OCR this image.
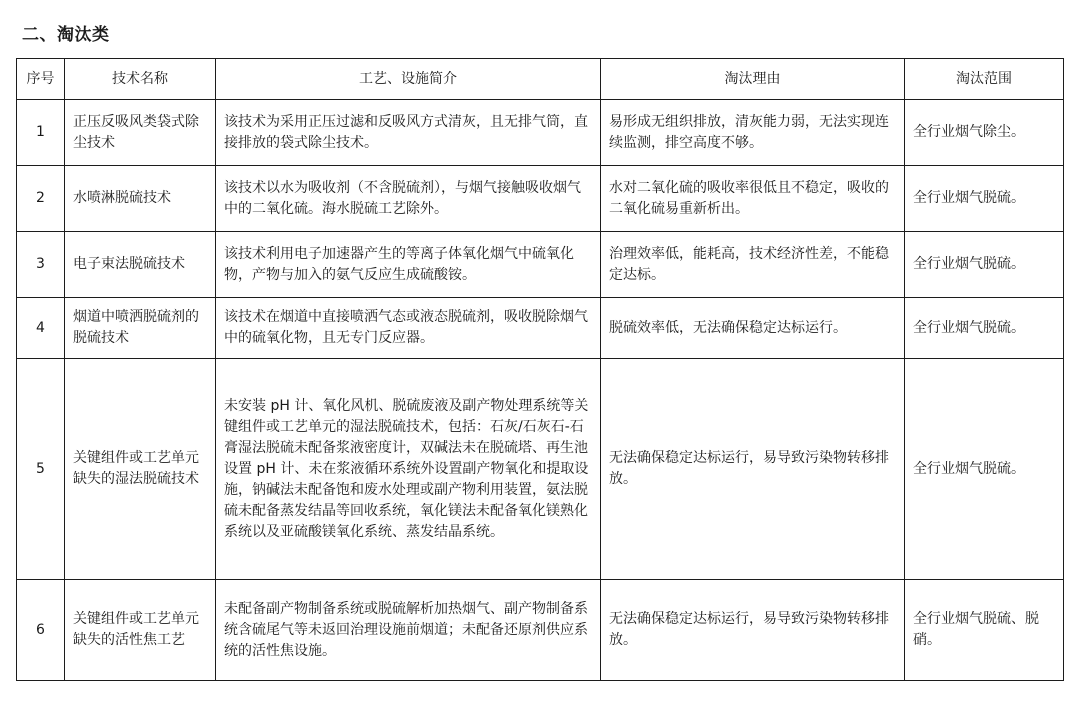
二、淘汰类
序号	技术名称	工艺、设施简介	淘汰理由	淘汰范围
1	正压反吸风类袋式除尘技术	该技术为采用正压过滤和反吸风方式清灰，且无排气筒，直接排放的袋式除尘技术。	易形成无组织排放，清灰能力弱，无法实现连续监测，排空高度不够。	全行业烟气除尘。
2	水喷淋脱硫技术	该技术以水为吸收剂（不含脱硫剂），与烟气接触吸收烟气中的二氧化硫。海水脱硫工艺除外。	水对二氧化硫的吸收率很低且不稳定，吸收的二氧化硫易重新析出。	全行业烟气脱硫。
3	电子束法脱硫技术	该技术利用电子加速器产生的等离子体氧化烟气中硫氧化物，产物与加入的氨气反应生成硫酸铵。	治理效率低，能耗高，技术经济性差，不能稳定达标。	全行业烟气脱硫。
4	烟道中喷洒脱硫剂的脱硫技术	该技术在烟道中直接喷洒气态或液态脱硫剂，吸收脱除烟气中的硫氧化物，且无专门反应器。	脱硫效率低，无法确保稳定达标运行。	全行业烟气脱硫。
5	关键组件或工艺单元缺失的湿法脱硫技术	未安装 pH 计、氧化风机、脱硫废液及副产物处理系统等关键组件或工艺单元的湿法脱硫技术，包括：石灰/石灰石-石膏湿法脱硫未配备浆液密度计，双碱法未在脱硫塔、再生池设置 pH 计、未在浆液循环系统外设置副产物氧化和提取设施，钠碱法未配备饱和废水处理或副产物利用装置，氨法脱硫未配备蒸发结晶等回收系统，氧化镁法未配备氧化镁熟化系统以及亚硫酸镁氧化系统、蒸发结晶系统。	无法确保稳定达标运行，易导致污染物转移排放。	全行业烟气脱硫。
6	关键组件或工艺单元缺失的活性焦工艺	未配备副产物制备系统或脱硫解析加热烟气、副产物制备系统含硫尾气等未返回治理设施前烟道；未配备还原剂供应系统的活性焦设施。	无法确保稳定达标运行，易导致污染物转移排放。	全行业烟气脱硫、脱硝。
